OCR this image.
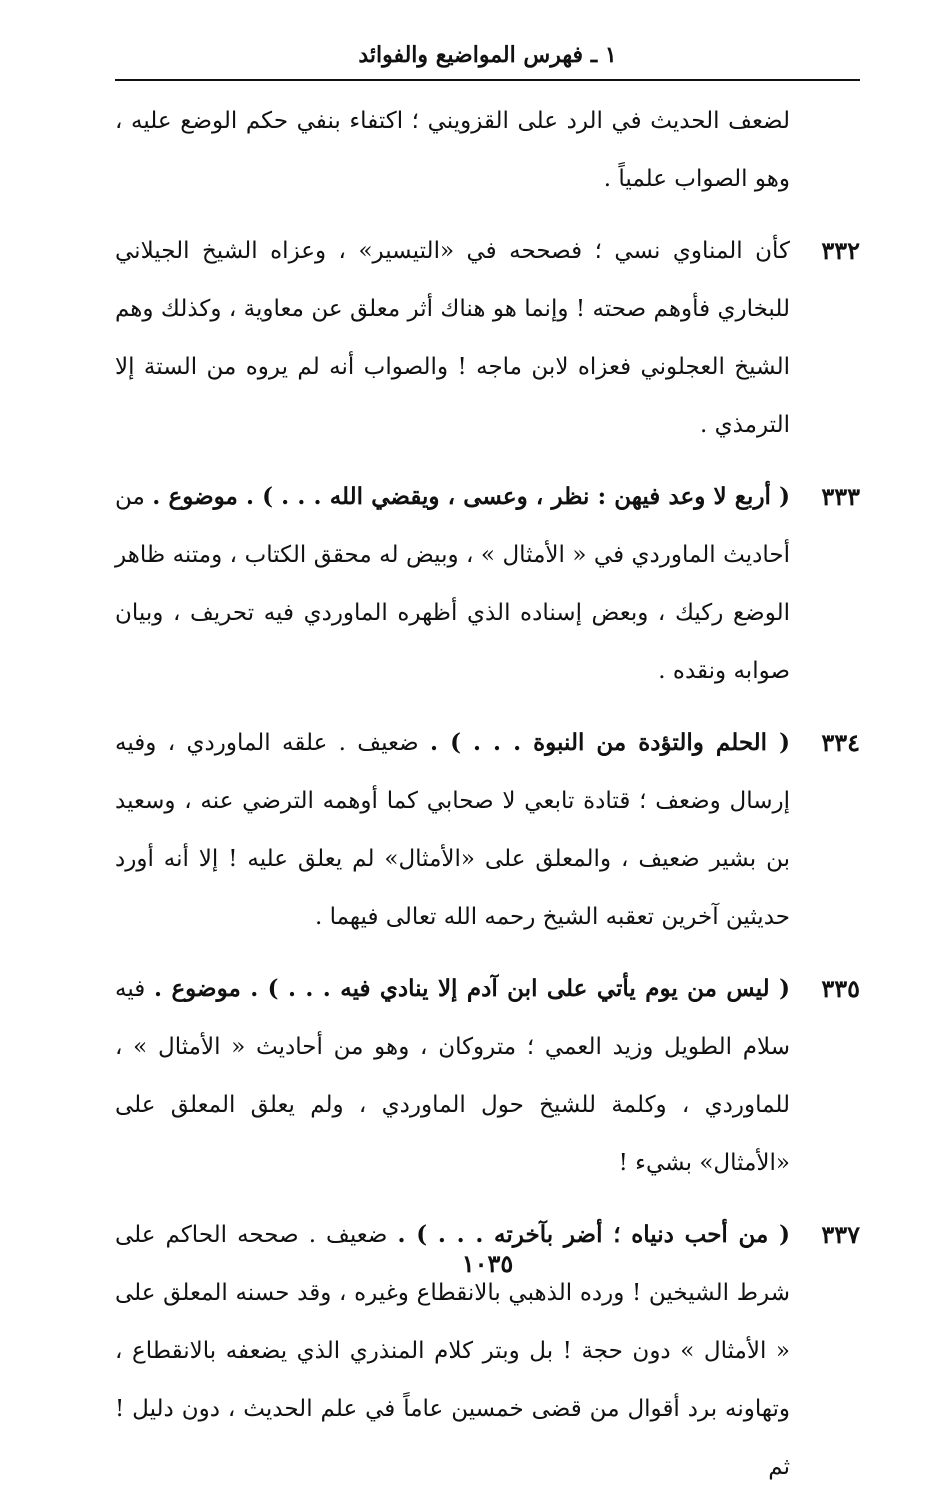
١ ـ فهرس المواضيع والفوائد
لضعف الحديث في الرد على القزويني ؛ اكتفاء بنفي حكم الوضع عليه ، وهو الصواب علمياً .
٣٣٢
كأن المناوي نسي ؛ فصححه في «التيسير» ، وعزاه الشيخ الجيلاني للبخاري فأوهم صحته ! وإنما هو هناك أثر معلق عن معاوية ، وكذلك وهم الشيخ العجلوني فعزاه لابن ماجه ! والصواب أنه لم يروه من الستة إلا الترمذي .
٣٣٣
( أربع لا وعد فيهن : نظر ، وعسى ، ويقضي الله . . . ) . موضوع . من أحاديث الماوردي في « الأمثال » ، وبيض له محقق الكتاب ، ومتنه ظاهر الوضع ركيك ، وبعض إسناده الذي أظهره الماوردي فيه تحريف ، وبيان صوابه ونقده .
٣٣٤
( الحلم والتؤدة من النبوة . . . ) . ضعيف . علقه الماوردي ، وفيه إرسال وضعف ؛ قتادة تابعي لا صحابي كما أوهمه الترضي عنه ، وسعيد بن بشير ضعيف ، والمعلق على «الأمثال» لم يعلق عليه ! إلا أنه أورد حديثين آخرين تعقبه الشيخ رحمه الله تعالى فيهما .
٣٣٥
( ليس من يوم يأتي على ابن آدم إلا ينادي فيه . . . ) . موضوع . فيه سلام الطويل وزيد العمي ؛ متروكان ، وهو من أحاديث « الأمثال » ، للماوردي ، وكلمة للشيخ حول الماوردي ، ولم يعلق المعلق على «الأمثال» بشيء !
٣٣٧
( من أحب دنياه ؛ أضر بآخرته . . . ) . ضعيف . صححه الحاكم على شرط الشيخين ! ورده الذهبي بالانقطاع وغيره ، وقد حسنه المعلق على « الأمثال » دون حجة ! بل وبتر كلام المنذري الذي يضعفه بالانقطاع ، وتهاونه برد أقوال من قضى خمسين عاماً في علم الحديث ، دون دليل ! ثم
١٠٣٥
